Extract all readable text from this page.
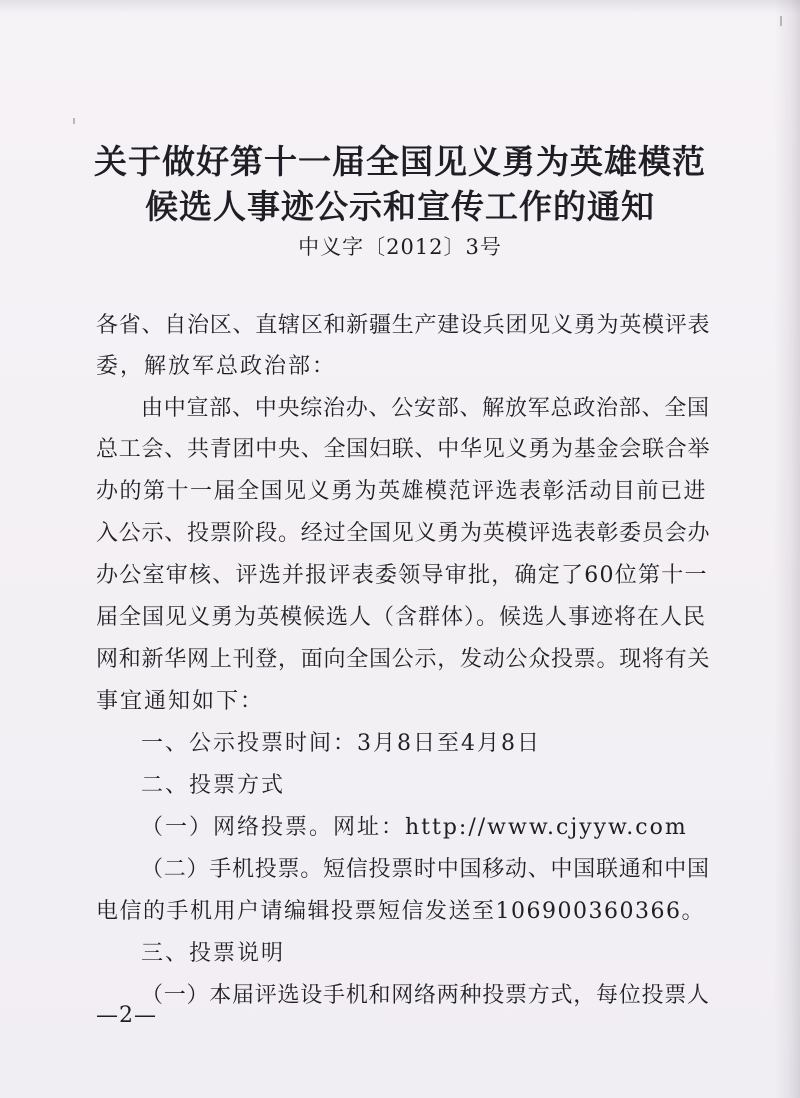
关于做好第十一届全国见义勇为英雄模范
候选人事迹公示和宣传工作的通知
中义字〔2012〕3号
各省、自治区、直辖区和新疆生产建设兵团见义勇为英模评表
委，解放军总政治部：
由中宣部、中央综治办、公安部、解放军总政治部、全国
总工会、共青团中央、全国妇联、中华见义勇为基金会联合举
办的第十一届全国见义勇为英雄模范评选表彰活动目前已进
入公示、投票阶段。经过全国见义勇为英模评选表彰委员会办
办公室审核、评选并报评表委领导审批，确定了60位第十一
届全国见义勇为英模候选人（含群体）。候选人事迹将在人民
网和新华网上刊登，面向全国公示，发动公众投票。现将有关
事宜通知如下：
一、公示投票时间：3月8日至4月8日
二、投票方式
（一）网络投票。网址：http://www.cjyyw.com
（二）手机投票。短信投票时中国移动、中国联通和中国
电信的手机用户请编辑投票短信发送至106900360366。
三、投票说明
（一）本届评选设手机和网络两种投票方式，每位投票人
—2—
